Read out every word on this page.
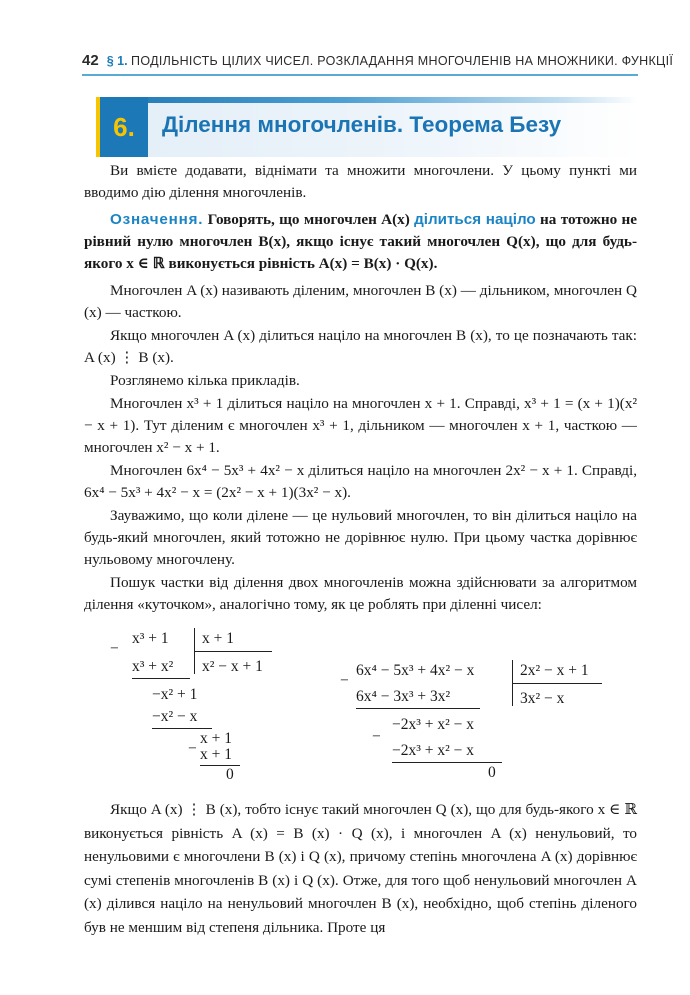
42 § 1. ПОДІЛЬНІСТЬ ЦІЛИХ ЧИСЕЛ. РОЗКЛАДАННЯ МНОГОЧЛЕНІВ НА МНОЖНИКИ. ФУНКЦІЇ
6.	Ділення многочленів. Теорема Безу

Ви вмієте додавати, віднімати та множити многочлени. У цьому пункті ми вводимо дію ділення многочленів.

Означення. Говорять, що многочлен A(x) ділиться націло на тотожно не рівний нулю многочлен B(x), якщо існує такий многочлен Q(x), що для будь-якого x ∈ ℝ виконується рівність A(x) = B(x) · Q(x).

Многочлен A (x) називають діленим, многочлен B (x) — дільником, многочлен Q (x) — часткою.

Якщо многочлен A (x) ділиться націло на многочлен B (x), то це позначають так: A (x) ⋮ B (x).

Розглянемо кілька прикладів.

Многочлен x³ + 1 ділиться націло на многочлен x + 1. Справді, x³ + 1 = (x + 1)(x² − x + 1). Тут діленим є многочлен x³ + 1, дільником — многочлен x + 1, часткою — многочлен x² − x + 1.

Многочлен 6x⁴ − 5x³ + 4x² − x ділиться націло на многочлен 2x² − x + 1. Справді, 6x⁴ − 5x³ + 4x² − x = (2x² − x + 1)(3x² − x).

Зауважимо, що коли ділене — це нульовий многочлен, то він ділиться націло на будь-який многочлен, який тотожно не дорівнює нулю. При цьому частка дорівнює нульовому многочлену.

Пошук частки від ділення двох многочленів можна здійснювати за алгоритмом ділення «куточком», аналогічно тому, як це роблять при діленні чисел:

−
x³ + 1 x + 1
x³ + x² x² − x + 1
−x² + 1
−x² − x
−
x + 1
x + 1
0
−
6x⁴ − 5x³ + 4x² − x	2x² − x + 1
6x⁴ − 3x³ + 3x²	3x² − x
−
−2x³ + x² − x
−2x³ + x² − x
0

Якщо A (x) ⋮ B (x), тобто існує такий многочлен Q (x), що для будь-якого x ∈ ℝ виконується рівність A (x) = B (x) · Q (x), і многочлен A (x) ненульовий, то ненульовими є многочлени B (x) і Q (x), причому степінь многочлена A (x) дорівнює сумі степенів многочленів B (x) і Q (x). Отже, для того щоб ненульовий многочлен A (x) ділився націло на ненульовий многочлен B (x), необхідно, щоб степінь діленого був не меншим від степеня дільника. Проте ця
